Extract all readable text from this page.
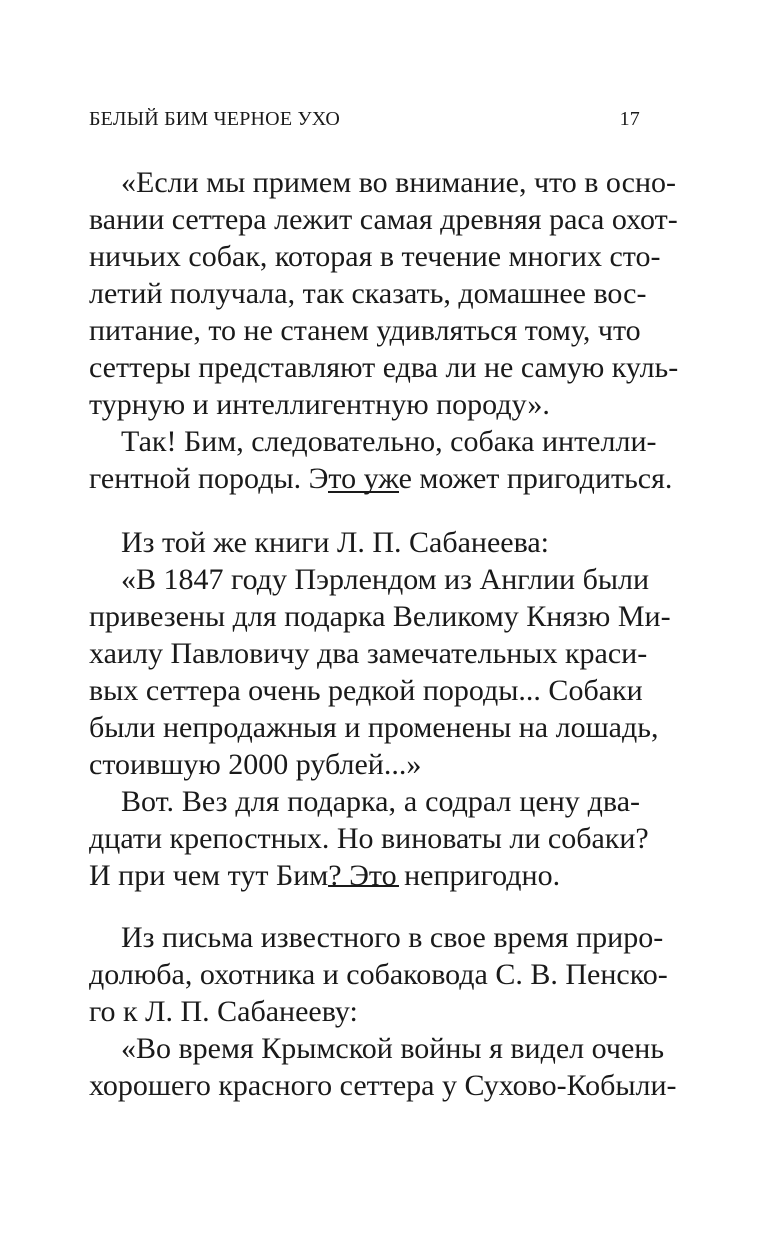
БЕЛЫЙ БИМ ЧЕРНОЕ УХО	17
«Если мы примем во внимание, что в осно-
вании сеттера лежит самая древняя раса охот-
ничьих собак, которая в течение многих сто-
летий получала, так сказать, домашнее вос-
питание, то не станем удивляться тому, что
сеттеры представляют едва ли не самую куль-
турную и интеллигентную породу».
Так! Бим, следовательно, собака интелли-
гентной породы. Это уже может пригодиться.
Из той же книги Л. П. Сабанеева:
«В 1847 году Пэрлендом из Англии были
привезены для подарка Великому Князю Ми-
хаилу Павловичу два замечательных краси-
вых сеттера очень редкой породы... Собаки
были непродажныя и променены на лошадь,
стоившую 2000 рублей...»
Вот. Вез для подарка, а содрал цену два-
дцати крепостных. Но виноваты ли собаки?
И при чем тут Бим? Это непригодно.
Из письма известного в свое время приро-
долюба, охотника и собаковода С. В. Пенско-
го к Л. П. Сабанееву:
«Во время Крымской войны я видел очень
хорошего красного сеттера у Сухово-Кобыли-
